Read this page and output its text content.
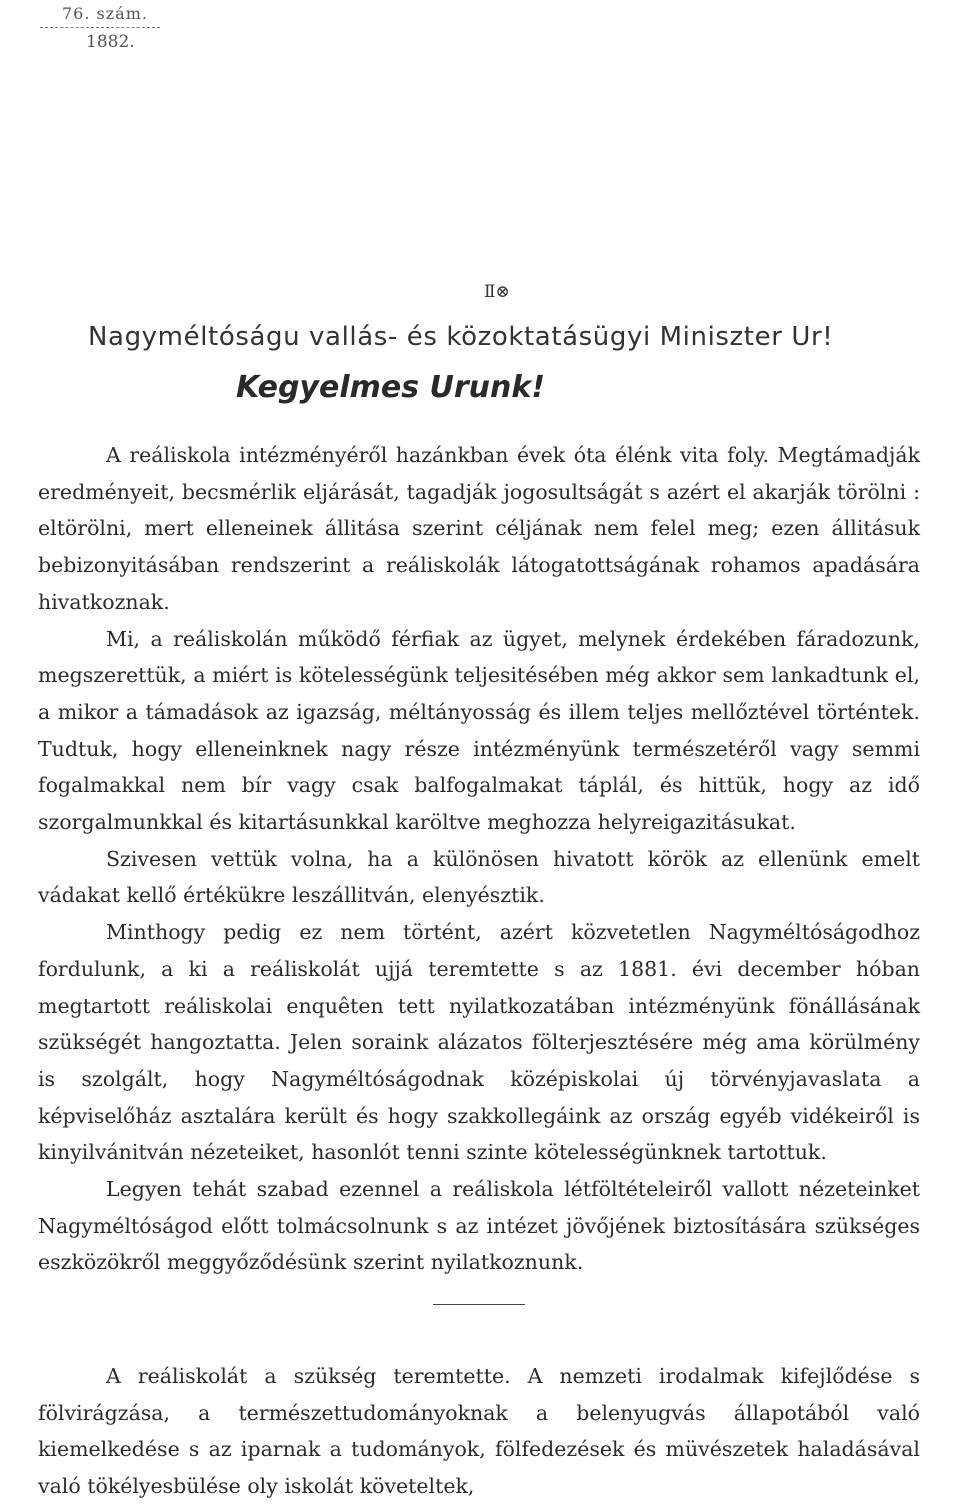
76. szám.
1882.
Ⅱ⊗
Nagyméltóságu vallás- és közoktatásügyi Miniszter Ur!
Kegyelmes Urunk!

A reáliskola intézményéről hazánkban évek óta élénk vita foly. Megtámadják eredményeit, becsmérlik eljárását, tagadják jogosultságát s azért el akarják törölni : eltörölni, mert elleneinek állitása szerint céljának nem felel meg; ezen állitásuk bebizonyitásában rendszerint a reáliskolák látogatottságának rohamos apadására hivatkoznak.

Mi, a reáliskolán működő férfiak az ügyet, melynek érdekében fáradozunk, megszerettük, a miért is kötelességünk teljesitésében még akkor sem lankadtunk el, a mikor a támadások az igazság, méltányosság és illem teljes mellőztével történtek. Tudtuk, hogy elleneinknek nagy része intézményünk természetéről vagy semmi fogalmakkal nem bír vagy csak balfogalmakat táplál, és hittük, hogy az idő szorgalmunkkal és kitartásunkkal karöltve meghozza helyreigazitásukat.

Szivesen vettük volna, ha a különösen hivatott körök az ellenünk emelt vádakat kellő értékükre leszállitván, elenyésztik.

Minthogy pedig ez nem történt, azért közvetetlen Nagyméltóságodhoz fordulunk, a ki a reáliskolát ujjá teremtette s az 1881. évi december hóban megtartott reáliskolai enquêten tett nyilatkozatában intézményünk fönállásának szükségét hangoztatta. Jelen soraink alázatos fölterjesztésére még ama körülmény is szolgált, hogy Nagyméltóságodnak középiskolai új törvényjavaslata a képviselőház asztalára került és hogy szakkollegáink az ország egyéb vidékeiről is kinyilvánitván nézeteiket, hasonlót tenni szinte kötelességünknek tartottuk.

Legyen tehát szabad ezennel a reáliskola létföltételeiről vallott nézeteinket Nagyméltóságod előtt tolmácsolnunk s az intézet jövőjének biztosítására szükséges eszközökről meggyőződésünk szerint nyilatkoznunk.

A reáliskolát a szükség teremtette. A nemzeti irodalmak kifejlődése s fölvirágzása, a természettudományoknak a belenyugvás állapotából való kiemelkedése s az iparnak a tudományok, fölfedezések és müvészetek haladásával való tökélyesbülése oly iskolát követeltek,
